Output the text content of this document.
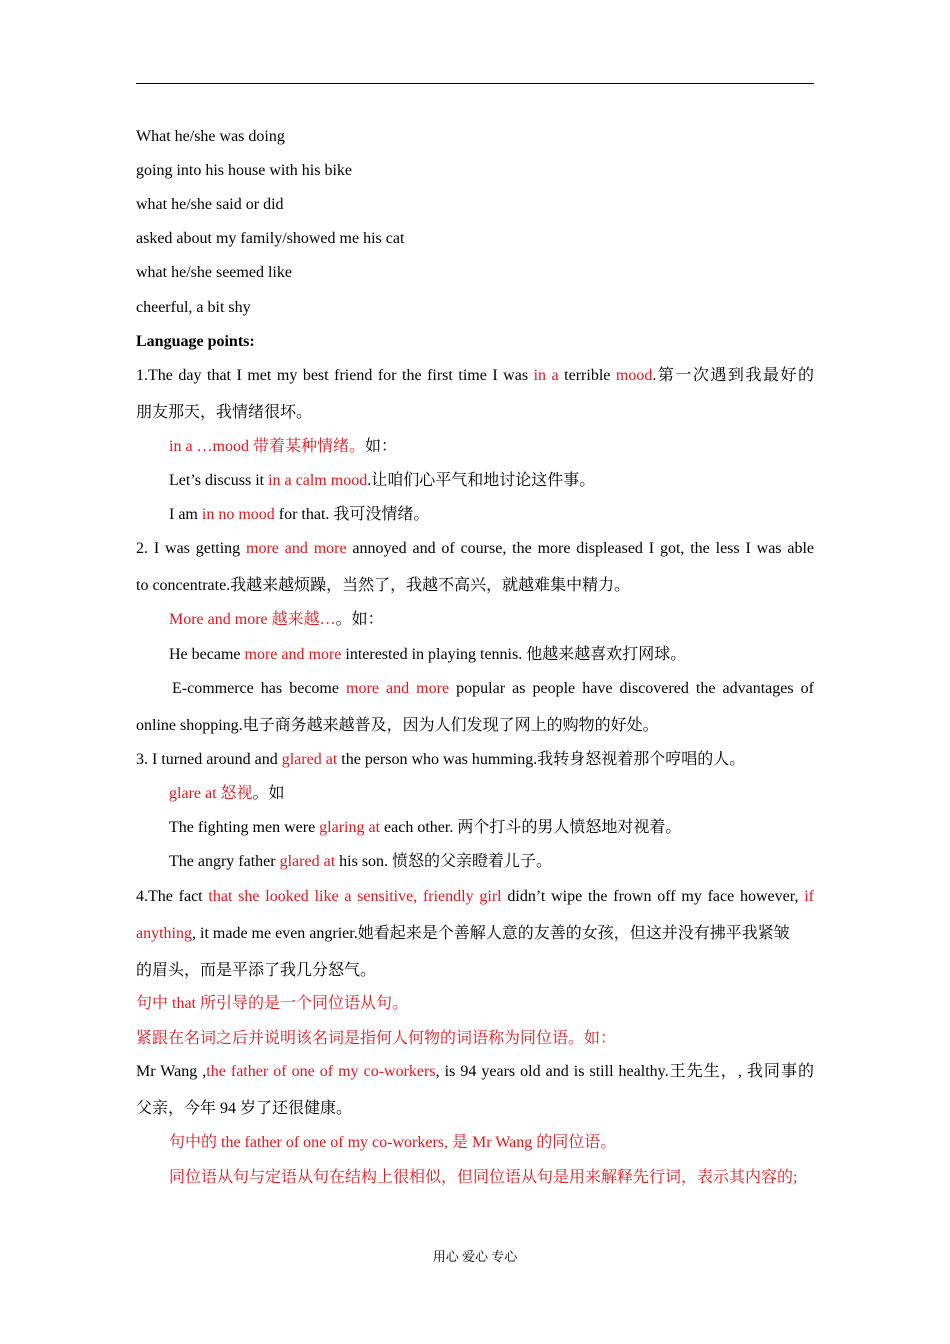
What he/she was doing
going into his house with his bike
what he/she said or did
asked about my family/showed me his cat
what he/she seemed like
cheerful, a bit shy
Language points:
1.The day that I met my best friend for the first time I was in a terrible mood.第一次遇到我最好的
朋友那天，我情绪很坏。
in a …mood 带着某种情绪。如：
Let’s discuss it in a calm mood.让咱们心平气和地讨论这件事。
I am in no mood for that. 我可没情绪。
2. I was getting more and more annoyed and of course, the more displeased I got, the less I was able
to concentrate.我越来越烦躁，当然了，我越不高兴，就越难集中精力。
More and more 越来越…。如：
He became more and more interested in playing tennis. 他越来越喜欢打网球。
E-commerce has become more and more popular as people have discovered the advantages of
online shopping.电子商务越来越普及，因为人们发现了网上的购物的好处。
3. I turned around and glared at the person who was humming.我转身怒视着那个哼唱的人。
glare at 怒视。如
The fighting men were glaring at each other. 两个打斗的男人愤怒地对视着。
The angry father glared at his son. 愤怒的父亲瞪着儿子。
4.The fact that she looked like a sensitive, friendly girl didn’t wipe the frown off my face however, if
anything, it made me even angrier.她看起来是个善解人意的友善的女孩，但这并没有拂平我紧皱
的眉头，而是平添了我几分怒气。
句中 that 所引导的是一个同位语从句。
紧跟在名词之后并说明该名词是指何人何物的词语称为同位语。如：
Mr Wang ,the father of one of my co-workers, is 94 years old and is still healthy.王先生，, 我同事的
父亲，今年 94 岁了还很健康。
句中的 the father of one of my co-workers, 是 Mr Wang 的同位语。
同位语从句与定语从句在结构上很相似，但同位语从句是用来解释先行词，表示其内容的;
用心 爱心 专心
